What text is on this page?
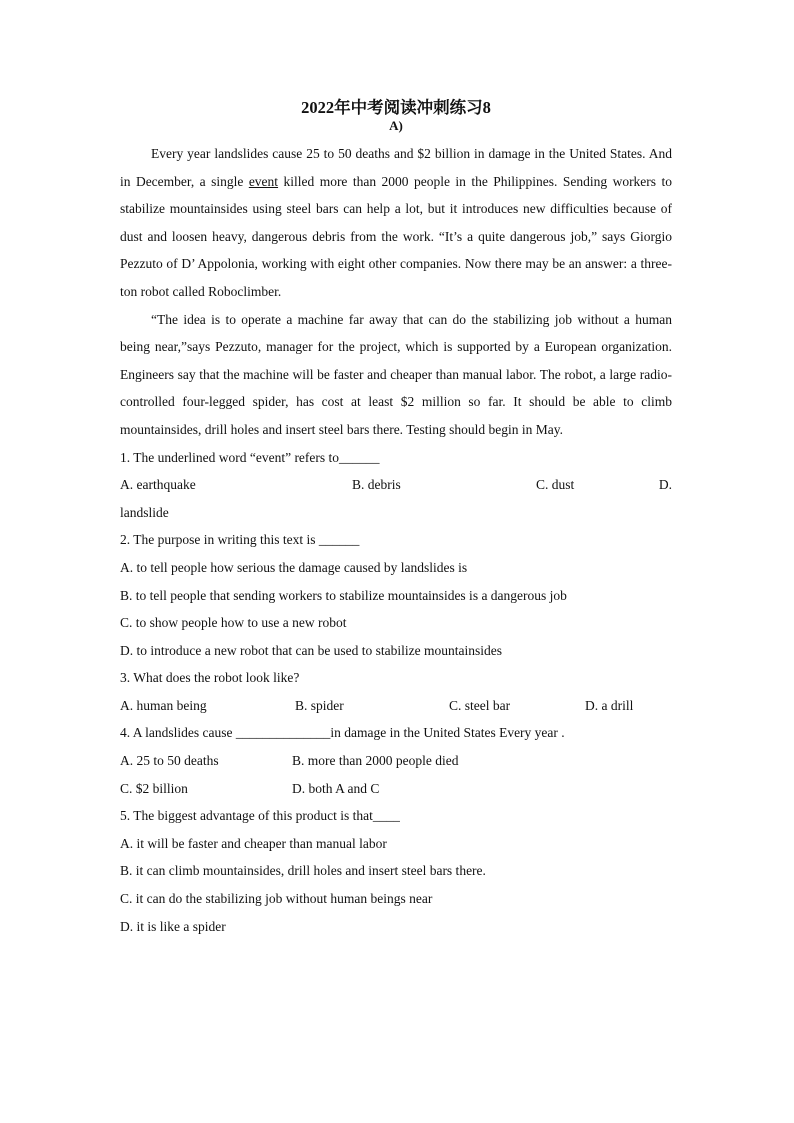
2022年中考阅读冲刺练习8
A)

Every year landslides cause 25 to 50 deaths and $2 billion in damage in the United States. And in December, a single event killed more than 2000 people in the Philippines. Sending workers to stabilize mountainsides using steel bars can help a lot, but it introduces new difficulties because of dust and loosen heavy, dangerous debris from the work. “It’s a quite dangerous job,” says Giorgio Pezzuto of D’ Appolonia, working with eight other companies. Now there may be an answer: a three-ton robot called Roboclimber.

“The idea is to operate a machine far away that can do the stabilizing job without a human being near,”says Pezzuto, manager for the project, which is supported by a European organization. Engineers say that the machine will be faster and cheaper than manual labor. The robot, a large radio-controlled four-legged spider, has cost at least $2 million so far. It should be able to climb mountainsides, drill holes and insert steel bars there. Testing should begin in May.

1. The underlined word “event” refers to______

A. earthquake	B. debris	C. dust	D.

landslide

2. The purpose in writing this text is ______

A. to tell people how serious the damage caused by landslides is

B. to tell people that sending workers to stabilize mountainsides is a dangerous job

C. to show people how to use a new robot

D. to introduce a new robot that can be used to stabilize mountainsides

3. What does the robot look like?

A. human being	B. spider	C. steel bar	D. a drill

4. A landslides cause ______________in damage in the United States Every year .

A. 25 to 50 deaths	B. more than 2000 people died
C. $2 billion	D. both A and C

5. The biggest advantage of this product is that____

A. it will be faster and cheaper than manual labor

B. it can climb mountainsides, drill holes and insert steel bars there.

C. it can do the stabilizing job without human beings near

D. it is like a spider
